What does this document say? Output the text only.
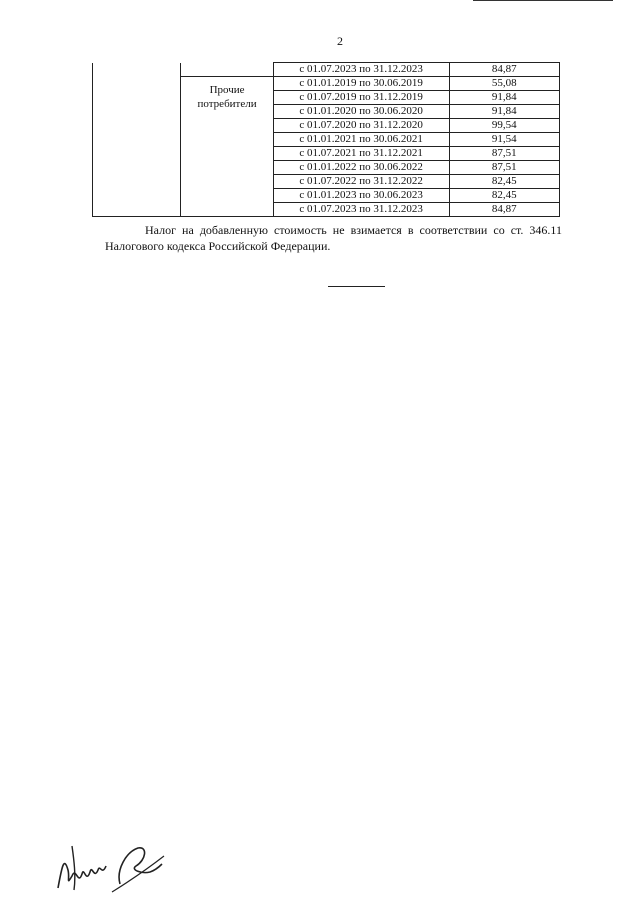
2
		с 01.07.2023 по 31.12.2023	84,87
	Прочие потребители	с 01.01.2019 по 30.06.2019	55,08
		с 01.07.2019 по 31.12.2019	91,84
		с 01.01.2020 по 30.06.2020	91,84
		с 01.07.2020 по 31.12.2020	99,54
		с 01.01.2021 по 30.06.2021	91,54
		с 01.07.2021 по 31.12.2021	87,51
		с 01.01.2022 по 30.06.2022	87,51
		с 01.07.2022 по 31.12.2022	82,45
		с 01.01.2023 по 30.06.2023	82,45
		с 01.07.2023 по 31.12.2023	84,87

Налог на добавленную стоимость не взимается в соответствии со ст. 346.11 Налогового кодекса Российской Федерации.
